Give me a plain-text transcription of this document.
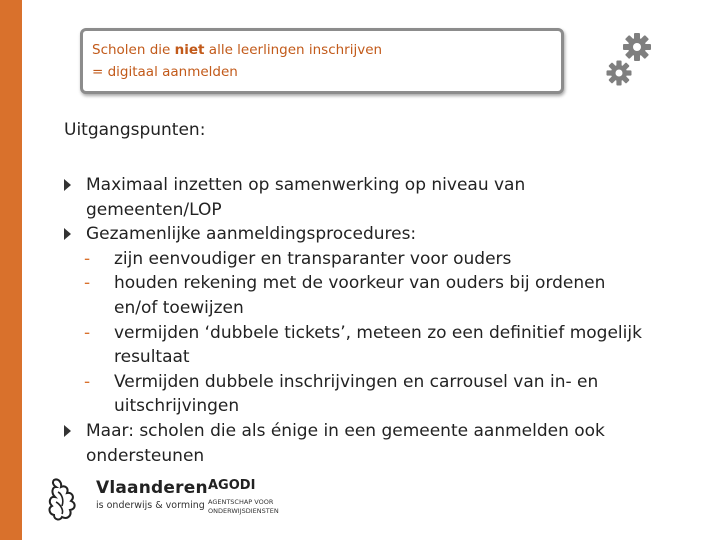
Scholen die niet alle leerlingen inschrijven
= digitaal aanmelden
Uitgangspunten:
Maximaal inzetten op samenwerking op niveau van
gemeenten/LOP
Gezamenlijke aanmeldingsprocedures:
- zijn eenvoudiger en transparanter voor ouders
- houden rekening met de voorkeur van ouders bij ordenen
en/of toewijzen
- vermijden ‘dubbele tickets’, meteen zo een definitief mogelijk
resultaat
- Vermijden dubbele inschrijvingen en carrousel van in- en
uitschrijvingen
Maar: scholen die als énige in een gemeente aanmelden ook
ondersteunen
Vlaanderen
is onderwijs & vorming
AGODI
AGENTSCHAP VOOR
ONDERWIJSDIENSTEN
